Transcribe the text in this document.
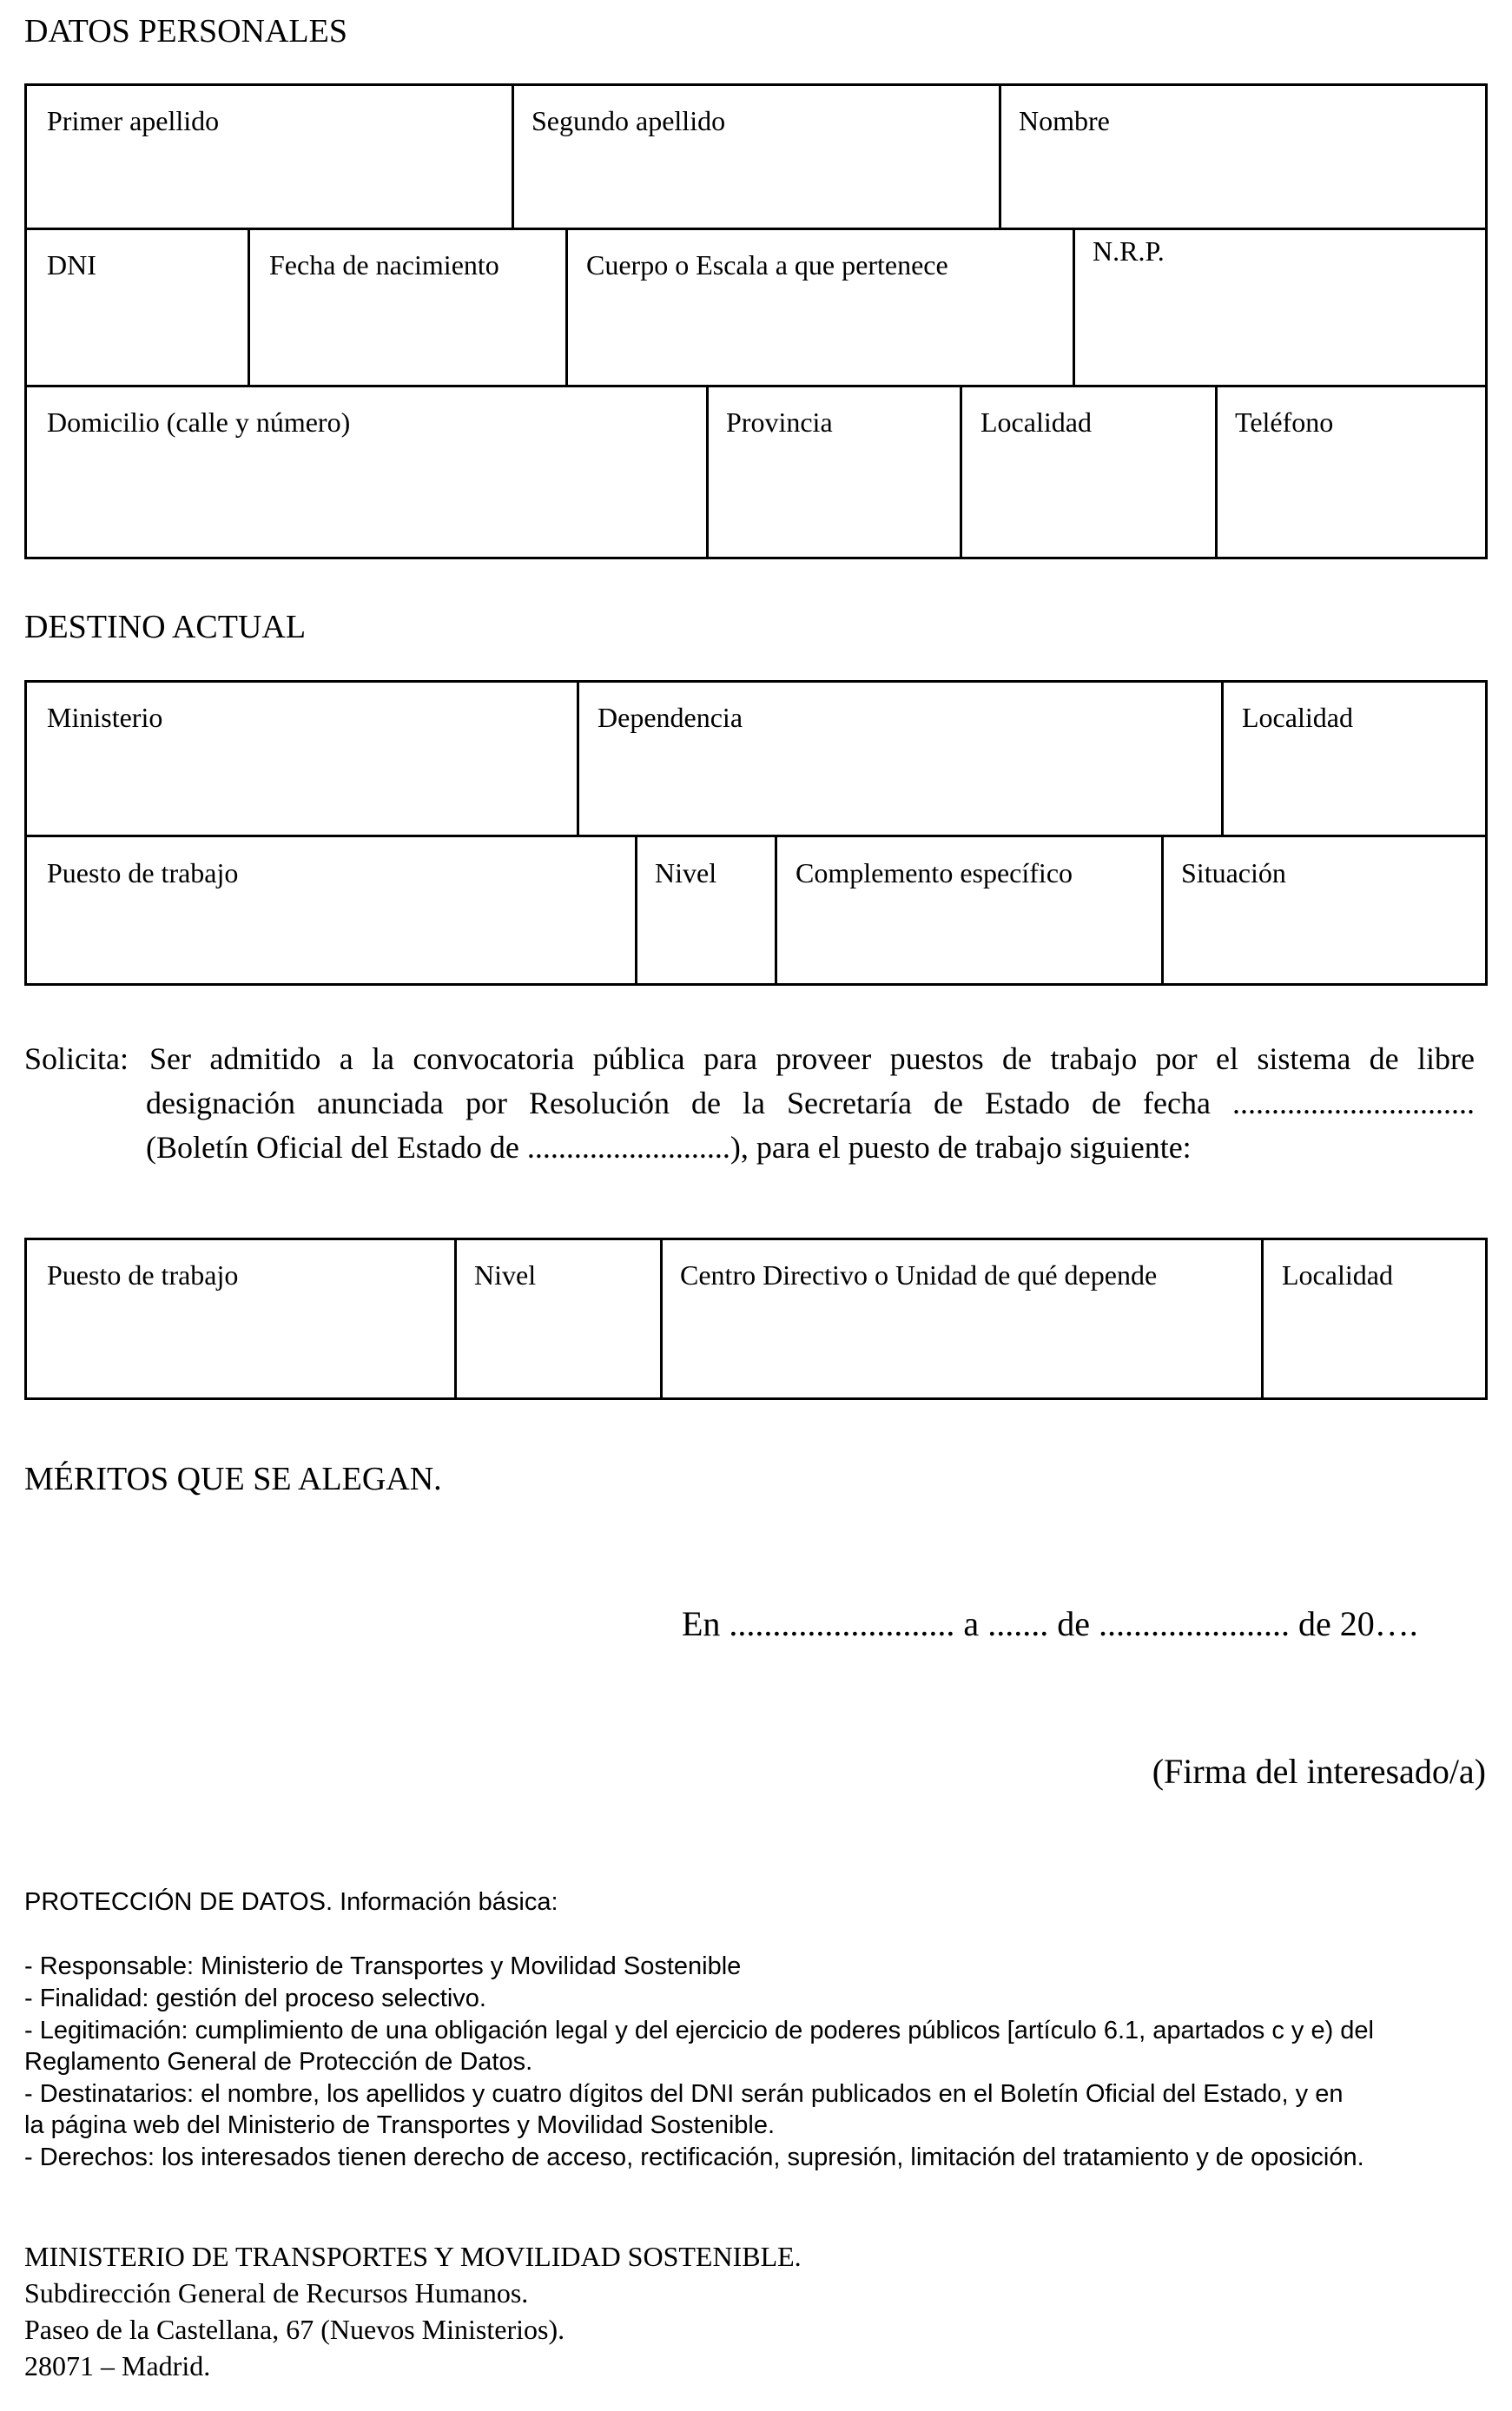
DATOS PERSONALES
Primer apellido	Segundo apellido	Nombre
DNI	Fecha de nacimiento	Cuerpo o Escala a que pertenece	N.R.P.
Domicilio (calle y número)	Provincia	Localidad	Teléfono
DESTINO ACTUAL
Ministerio	Dependencia	Localidad
Puesto de trabajo	Nivel	Complemento específico	Situación
Solicita: Ser admitido a la convocatoria pública para proveer puestos de trabajo por el sistema de libre
designación anunciada por Resolución de la Secretaría de Estado de fecha ...............................
(Boletín Oficial del Estado de ..........................), para el puesto de trabajo siguiente:
Puesto de trabajo	Nivel	Centro Directivo o Unidad de qué depende	Localidad
MÉRITOS QUE SE ALEGAN.
En .......................... a ....... de ...................... de 20….
(Firma del interesado/a)
PROTECCIÓN DE DATOS. Información básica:
- Responsable: Ministerio de Transportes y Movilidad Sostenible
- Finalidad: gestión del proceso selectivo.
- Legitimación: cumplimiento de una obligación legal y del ejercicio de poderes públicos [artículo 6.1, apartados c y e) del
Reglamento General de Protección de Datos.
- Destinatarios: el nombre, los apellidos y cuatro dígitos del DNI serán publicados en el Boletín Oficial del Estado, y en
la página web del Ministerio de Transportes y Movilidad Sostenible.
- Derechos: los interesados tienen derecho de acceso, rectificación, supresión, limitación del tratamiento y de oposición.
MINISTERIO DE TRANSPORTES Y MOVILIDAD SOSTENIBLE.
Subdirección General de Recursos Humanos.
Paseo de la Castellana, 67 (Nuevos Ministerios).
28071 – Madrid.
